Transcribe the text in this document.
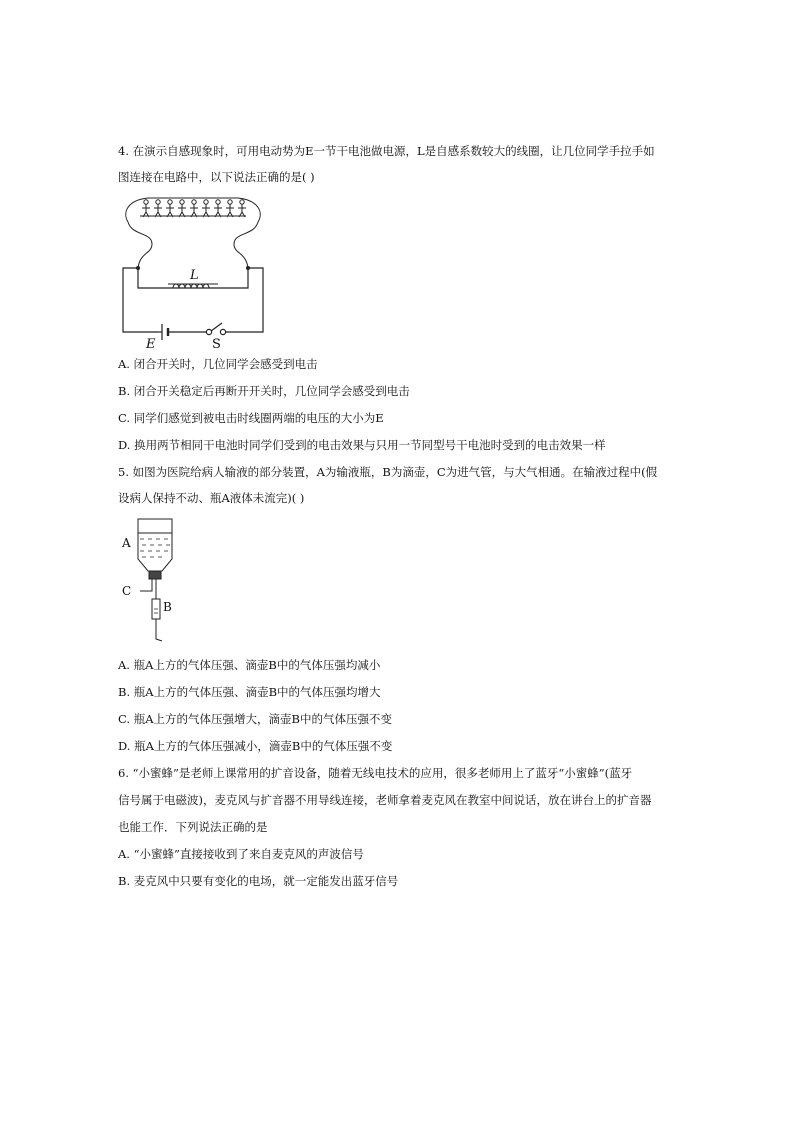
4. 在演示自感现象时，可用电动势为E一节干电池做电源，L是自感系数较大的线圈，让几位同学手拉手如
图连接在电路中，以下说法正确的是( )
L
E	S
A. 闭合开关时，几位同学会感受到电击
B. 闭合开关稳定后再断开开关时，几位同学会感受到电击
C. 同学们感觉到被电击时线圈两端的电压的大小为E
D. 换用两节相同干电池时同学们受到的电击效果与只用一节同型号干电池时受到的电击效果一样
5. 如图为医院给病人输液的部分装置，A为输液瓶，B为滴壶，C为进气管，与大气相通。在输液过程中(假
设病人保持不动、瓶A液体未流完)( )
A
C
B
A. 瓶A上方的气体压强、滴壶B中的气体压强均减小
B. 瓶A上方的气体压强、滴壶B中的气体压强均增大
C. 瓶A上方的气体压强增大，滴壶B中的气体压强不变
D. 瓶A上方的气体压强减小，滴壶B中的气体压强不变
6. “小蜜蜂”是老师上课常用的扩音设备，随着无线电技术的应用，很多老师用上了蓝牙“小蜜蜂”(蓝牙
信号属于电磁波)，麦克风与扩音器不用导线连接，老师拿着麦克风在教室中间说话，放在讲台上的扩音器
也能工作．下列说法正确的是
A. “小蜜蜂”直接接收到了来自麦克风的声波信号
B. 麦克风中只要有变化的电场，就一定能发出蓝牙信号
